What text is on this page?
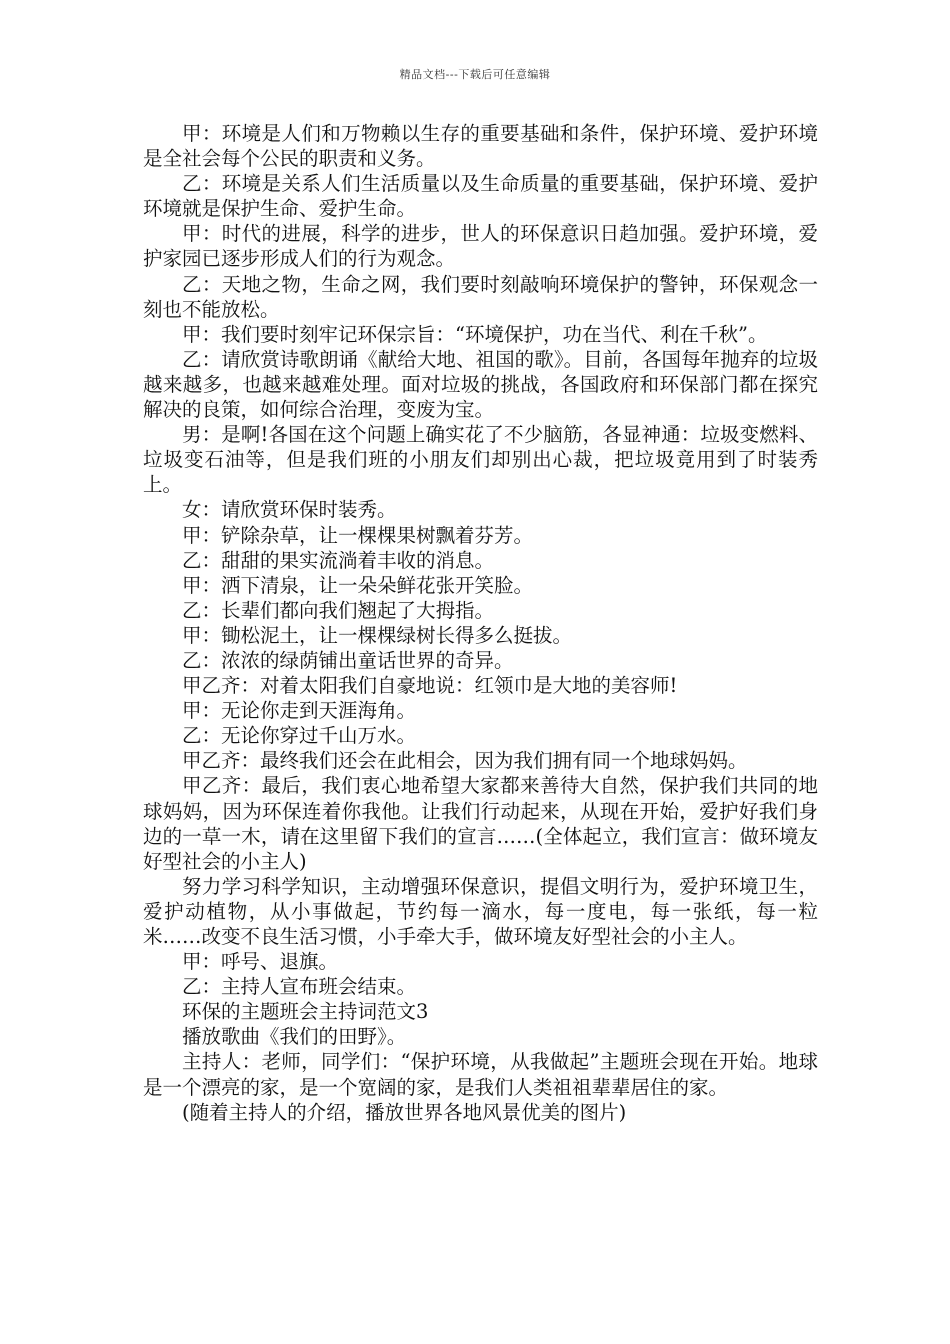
精品文档---下载后可任意编辑

甲：环境是人们和万物赖以生存的重要基础和条件，保护环境、爱护环境是全社会每个公民的职责和义务。

乙：环境是关系人们生活质量以及生命质量的重要基础，保护环境、爱护环境就是保护生命、爱护生命。

甲：时代的进展，科学的进步，世人的环保意识日趋加强。爱护环境，爱护家园已逐步形成人们的行为观念。

乙：天地之物，生命之网，我们要时刻敲响环境保护的警钟，环保观念一刻也不能放松。

甲：我们要时刻牢记环保宗旨：“环境保护，功在当代、利在千秋”。

乙：请欣赏诗歌朗诵《献给大地、祖国的歌》。目前，各国每年抛弃的垃圾越来越多，也越来越难处理。面对垃圾的挑战，各国政府和环保部门都在探究解决的良策，如何综合治理，变废为宝。

男：是啊!各国在这个问题上确实花了不少脑筋，各显神通：垃圾变燃料、垃圾变石油等，但是我们班的小朋友们却别出心裁，把垃圾竟用到了时装秀上。

女：请欣赏环保时装秀。

甲：铲除杂草，让一棵棵果树飘着芬芳。

乙：甜甜的果实流淌着丰收的消息。

甲：洒下清泉，让一朵朵鲜花张开笑脸。

乙：长辈们都向我们翘起了大拇指。

甲：锄松泥土，让一棵棵绿树长得多么挺拔。

乙：浓浓的绿荫铺出童话世界的奇异。

甲乙齐：对着太阳我们自豪地说：红领巾是大地的美容师!

甲：无论你走到天涯海角。

乙：无论你穿过千山万水。

甲乙齐：最终我们还会在此相会，因为我们拥有同一个地球妈妈。

甲乙齐：最后，我们衷心地希望大家都来善待大自然，保护我们共同的地球妈妈，因为环保连着你我他。让我们行动起来，从现在开始，爱护好我们身边的一草一木，请在这里留下我们的宣言……(全体起立，我们宣言：做环境友好型社会的小主人)

努力学习科学知识，主动增强环保意识，提倡文明行为，爱护环境卫生，爱护动植物，从小事做起，节约每一滴水，每一度电，每一张纸，每一粒米……改变不良生活习惯，小手牵大手，做环境友好型社会的小主人。

甲：呼号、退旗。

乙：主持人宣布班会结束。

环保的主题班会主持词范文3

播放歌曲《我们的田野》。

主持人：老师，同学们：“保护环境，从我做起”主题班会现在开始。地球是一个漂亮的家，是一个宽阔的家，是我们人类祖祖辈辈居住的家。

(随着主持人的介绍，播放世界各地风景优美的图片)
